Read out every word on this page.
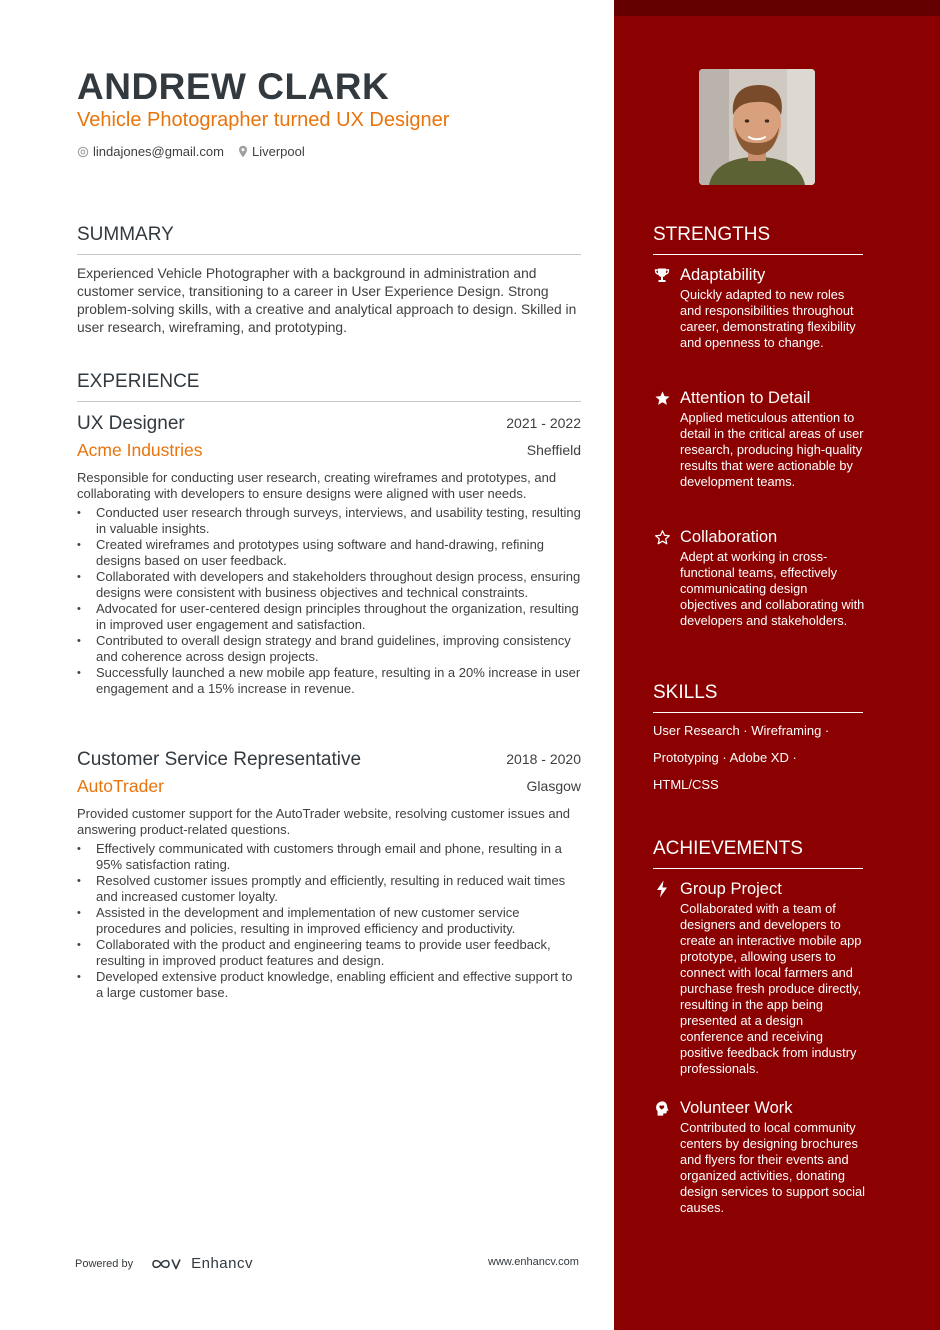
ANDREW CLARK
Vehicle Photographer turned UX Designer
lindajones@gmail.com Liverpool
SUMMARY
Experienced Vehicle Photographer with a background in administration and customer service, transitioning to a career in User Experience Design. Strong problem-solving skills, with a creative and analytical approach to design. Skilled in user research, wireframing, and prototyping.
EXPERIENCE
UX Designer	2021 - 2022
Acme Industries	Sheffield
Responsible for conducting user research, creating wireframes and prototypes, and collaborating with developers to ensure designs were aligned with user needs.
• Conducted user research through surveys, interviews, and usability testing, resulting in valuable insights.
• Created wireframes and prototypes using software and hand-drawing, refining designs based on user feedback.
• Collaborated with developers and stakeholders throughout design process, ensuring designs were consistent with business objectives and technical constraints.
• Advocated for user-centered design principles throughout the organization, resulting in improved user engagement and satisfaction.
• Contributed to overall design strategy and brand guidelines, improving consistency and coherence across design projects.
• Successfully launched a new mobile app feature, resulting in a 20% increase in user engagement and a 15% increase in revenue.
Customer Service Representative	2018 - 2020
AutoTrader	Glasgow
Provided customer support for the AutoTrader website, resolving customer issues and answering product-related questions.
• Effectively communicated with customers through email and phone, resulting in a 95% satisfaction rating.
• Resolved customer issues promptly and efficiently, resulting in reduced wait times and increased customer loyalty.
• Assisted in the development and implementation of new customer service procedures and policies, resulting in improved efficiency and productivity.
• Collaborated with the product and engineering teams to provide user feedback, resulting in improved product features and design.
• Developed extensive product knowledge, enabling efficient and effective support to a large customer base.
Powered by	Enhancv	www.enhancv.com
STRENGTHS
Adaptability
Quickly adapted to new roles and responsibilities throughout career, demonstrating flexibility and openness to change.
Attention to Detail
Applied meticulous attention to detail in the critical areas of user research, producing high-quality results that were actionable by development teams.
Collaboration
Adept at working in cross-functional teams, effectively communicating design objectives and collaborating with developers and stakeholders.
SKILLS
User Research · Wireframing ·
Prototyping · Adobe XD ·
HTML/CSS
ACHIEVEMENTS
Group Project
Collaborated with a team of designers and developers to create an interactive mobile app prototype, allowing users to connect with local farmers and purchase fresh produce directly, resulting in the app being presented at a design conference and receiving positive feedback from industry professionals.
Volunteer Work
Contributed to local community centers by designing brochures and flyers for their events and organized activities, donating design services to support social causes.
